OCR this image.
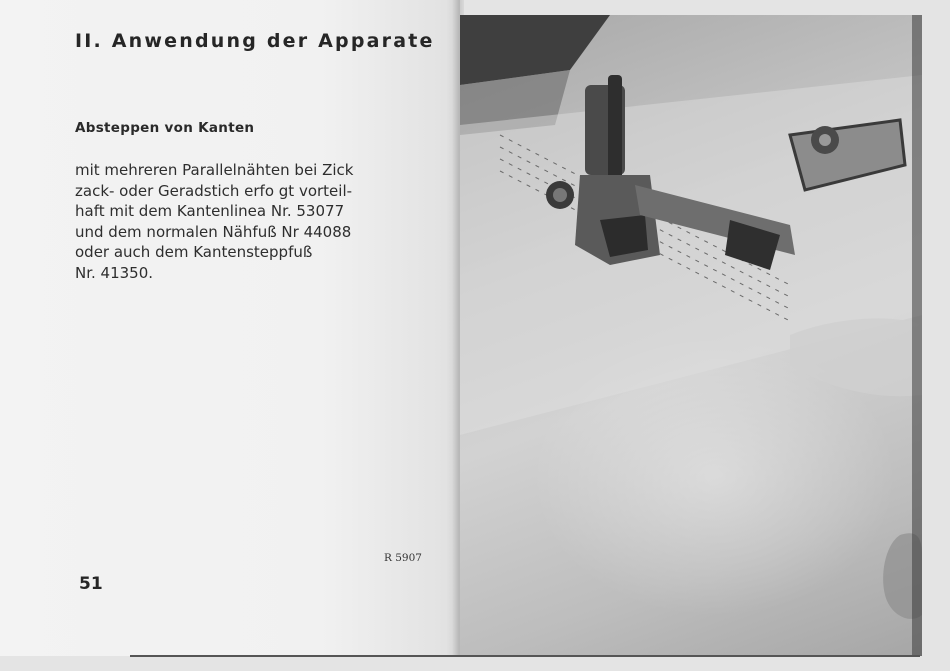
II. Anwendung der Apparate
Absteppen von Kanten

mit mehreren Parallelnähten bei Zick
zack- oder Geradstich erfo gt vorteil-
haft mit dem Kantenlinea Nr. 53077
und dem normalen Nähfuß Nr 44088
oder auch dem Kantensteppfuß
Nr. 41350.

R 5907

51
